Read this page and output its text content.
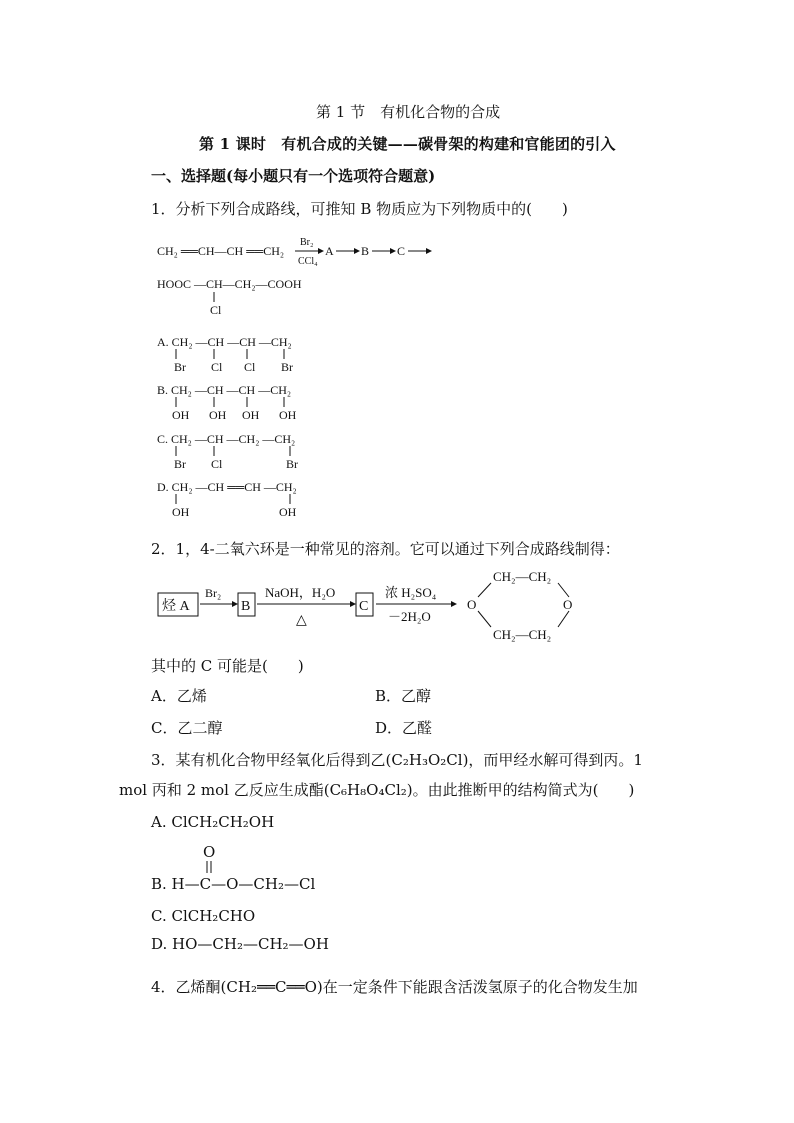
第 1 节　有机化合物的合成
第 1 课时　有机合成的关键——碳骨架的构建和官能团的引入
一、选择题(每小题只有一个选项符合题意)
1．分析下列合成路线，可推知 B 物质应为下列物质中的(　　)
CH₂ ══CH—CH ══CH₂
Br₂
CCl₄
A B C
HOOC —CH—CH₂—COOH
Cl
A. CH₂ —CH —CH —CH₂
Br Cl Cl Br
B. CH₂ —CH —CH —CH₂
OH OH OH OH
C. CH₂ —CH —CH₂ —CH₂
Br Cl	Br
D. CH₂ —CH ══CH —CH₂
OH	OH
2．1，4-二氧六环是一种常见的溶剂。它可以通过下列合成路线制得：
烃 A
Br₂
B
NaOH，H₂O
△
C
浓 H₂SO₄
－2H₂O
CH₂—CH₂
O	O
CH₂—CH₂
其中的 C 可能是(　　)
A．乙烯	B．乙醇
C．乙二醇	D．乙醛
3．某有机化合物甲经氧化后得到乙(C₂H₃O₂Cl)，而甲经水解可得到丙。1
mol 丙和 2 mol 乙反应生成酯(C₆H₈O₄Cl₂)。由此推断甲的结构简式为(　　)
A. ClCH₂CH₂OH
O
B. H—C—O—CH₂—Cl
C. ClCH₂CHO
D. HO—CH₂—CH₂—OH
4．乙烯酮(CH₂══C══O)在一定条件下能跟含活泼氢原子的化合物发生加
